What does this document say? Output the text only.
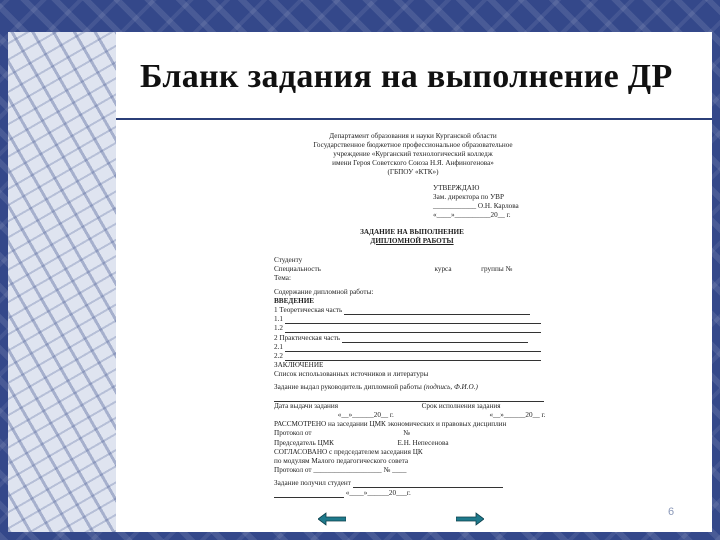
Бланк задания на выполнение ДР
Департамент образования и науки Курганской области
Государственное бюджетное профессиональное образовательное
учреждение «Курганский технологический колледж
имени Героя Советского Союза Н.Я. Анфиногенова»
(ГБПОУ «КТК»)
УТВЕРЖДАЮ
Зам. директора по УВР
____________ О.Н. Карлова
«____»__________20__ г.
ЗАДАНИЕ НА ВЫПОЛНЕНИЕ
ДИПЛОМНОЙ РАБОТЫ
Студенту
Специальность	курса	группы №
Тема:
Содержание дипломной работы:
ВВЕДЕНИЕ
1 Теоретическая часть
1.1
1.2
2 Практическая часть
2.1
2.2
ЗАКЛЮЧЕНИЕ
Список использованных источников и литературы
Задание выдал руководитель дипломной работы (подпись, Ф.И.О.)
Дата выдачи задания	Срок исполнения задания
«__»______20__ г.	«__»______20__ г.
РАССМОТРЕНО на заседании ЦМК экономических и правовых дисциплин
Протокол от	№
Председатель ЦМК	Е.Н. Непесенова
СОГЛАСОВАНО с председателем заседания ЦК
по модулям Малого педагогического совета
Протокол от ___________________ № ____
Задание получил студент
«____»______20___г.
6
